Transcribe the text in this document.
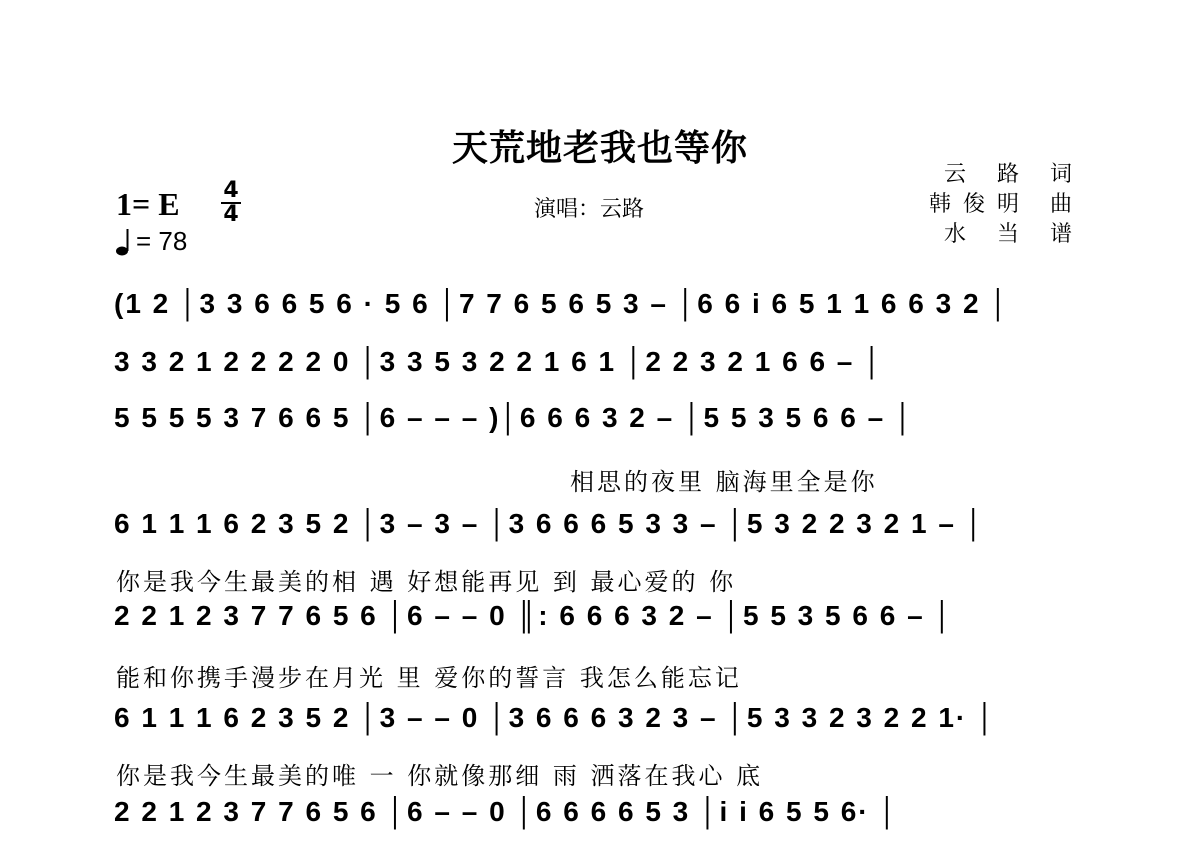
天荒地老我也等你
1= E 4
4
= 78
演唱：云路
云 路 词
韩俊明 曲
水 当 谱
(1 2 │3 3 6 6 5 6 · 5 6 │7 7 6 5 6 5 3 – │6 6 i 6 5 1 1 6 6 3 2 │
3 3 2 1 2 2 2 2 0 │3 3 5 3 2 2 1 6 1 │2 2 3 2 1 6 6 – │
5 5 5 5 3 7 6 6 5 │6 – – – )│6 6 6 3 2 – │5 5 3 5 6 6 – │
相思的夜里 脑海里全是你
6 1 1 1 6 2 3 5 2 │3 – 3 – │3 6 6 6 5 3 3 – │5 3 2 2 3 2 1 – │
你是我今生最美的相 遇 好想能再见 到 最心爱的 你
2 2 1 2 3 7 7 6 5 6 │6 – – 0 ║: 6 6 6 3 2 – │5 5 3 5 6 6 – │
能和你携手漫步在月光 里 爱你的誓言 我怎么能忘记
6 1 1 1 6 2 3 5 2 │3 – – 0 │3 6 6 6 3 2 3 – │5 3 3 2 3 2 2 1· │
你是我今生最美的唯 一 你就像那细 雨 洒落在我心 底
2 2 1 2 3 7 7 6 5 6 │6 – – 0 │6 6 6 6 5 3 │i i 6 5 5 6· │
